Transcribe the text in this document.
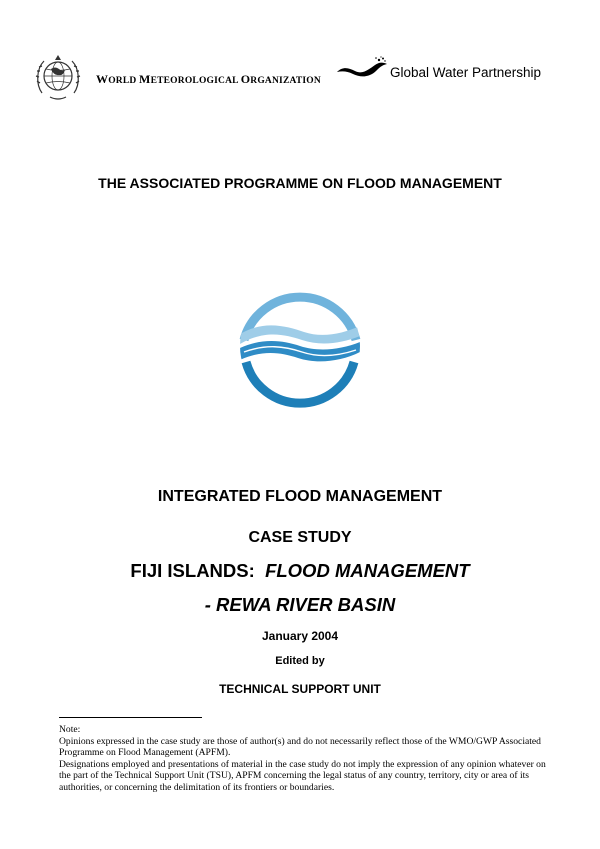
WORLD METEOROLOGICAL ORGANIZATION
Global Water Partnership
THE ASSOCIATED PROGRAMME ON FLOOD MANAGEMENT
INTEGRATED FLOOD MANAGEMENT
CASE STUDY
FIJI ISLANDS: FLOOD MANAGEMENT
- REWA RIVER BASIN
January 2004
Edited by
TECHNICAL SUPPORT UNIT

Note:

Opinions expressed in the case study are those of author(s) and do not necessarily reflect those of the WMO/GWP Associated Programme on Flood Management (APFM).

Designations employed and presentations of material in the case study do not imply the expression of any opinion whatever on the part of the Technical Support Unit (TSU), APFM concerning the legal status of any country, territory, city or area of its authorities, or concerning the delimitation of its frontiers or boundaries.
